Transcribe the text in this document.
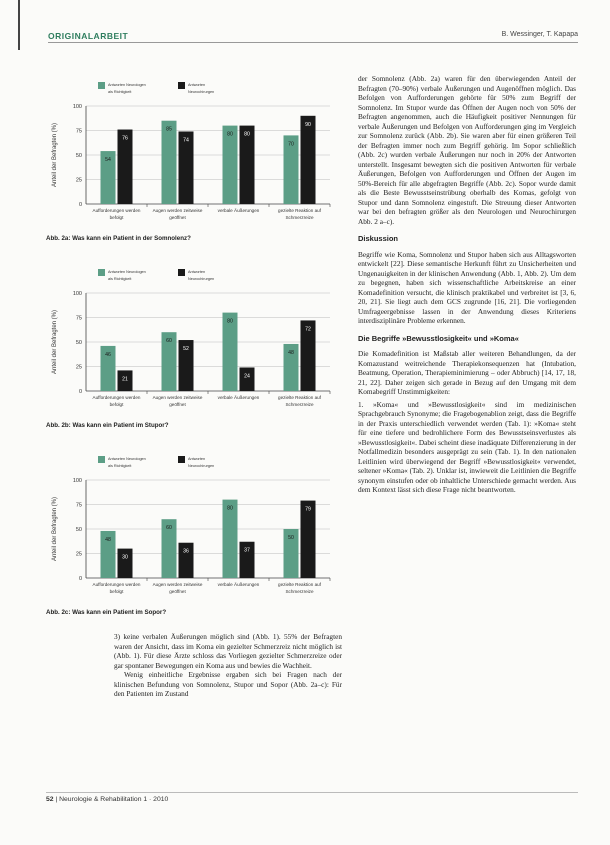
ORIGINALARBEIT	B. Wessinger, T. Kapapa
Antworten Neurologen als Richtigkeit
Antworten Neurochirurgen
Anteil der Befragten (%)
0
25
50
75
100
54
76
Aufforderungen werden befolgt
85
74
Augen werden zeitweise geöffnet
80 80
verbale Äußerungen
70
90
gezielte Reaktion auf Schmerzreize
Abb. 2a: Was kann ein Patient in der Somnolenz?
Antworten Neurologen als Richtigkeit
Antworten Neurochirurgen
Anteil der Befragten (%)
0
25
50
75
100
46
21
Aufforderungen werden befolgt
60
52
Augen werden zeitweise geöffnet
80
24
verbale Äußerungen
48
72
gezielte Reaktion auf Schmerzreize
Abb. 2b: Was kann ein Patient im Stupor?
Antworten Neurologen als Richtigkeit
Antworten Neurochirurgen
Anteil der Befragten (%)
0
25
50
75
100
48
30
Aufforderungen werden befolgt
60
36
Augen werden zeitweise geöffnet
80
37
verbale Äußerungen
50
79
gezielte Reaktion auf Schmerzreize
Abb. 2c: Was kann ein Patient im Sopor?

3) keine verbalen Äußerungen möglich sind (Abb. 1). 55% der Befragten waren der Ansicht, dass im Koma ein gezielter Schmerzreiz nicht möglich ist (Abb. 1). Für diese Ärzte schloss das Vorliegen gezielter Schmerzreize oder gar spontaner Bewegungen ein Koma aus und bewies die Wachheit.

Wenig einheitliche Ergebnisse ergaben sich bei Fragen nach der klinischen Befundung von Somnolenz, Stupor und Sopor (Abb. 2a–c): Für den Patienten im Zustand

der Somnolenz (Abb. 2a) waren für den überwiegenden Anteil der Befragten (70–90%) verbale Äußerungen und Augenöffnen möglich. Das Befolgen von Aufforderungen gehörte für 50% zum Begriff der Somnolenz. Im Stupor wurde das Öffnen der Augen noch von 50% der Befragten angenommen, auch die Häufigkeit positiver Nennungen für verbale Äußerungen und Befolgen von Aufforderungen ging im Vergleich zur Somnolenz zurück (Abb. 2b). Sie waren aber für einen größeren Teil der Befragten immer noch zum Begriff gehörig. Im Sopor schließlich (Abb. 2c) wurden verbale Äußerungen nur noch in 20% der Antworten unterstellt. Insgesamt bewegten sich die positiven Antworten für verbale Äußerungen, Befolgen von Aufforderungen und Öffnen der Augen im 50%-Bereich für alle abgefragten Begriffe (Abb. 2c). Sopor wurde damit als die Beste Bewusstseinstrübung oberhalb des Komas, gefolgt von Stupor und dann Somnolenz eingestuft. Die Streuung dieser Antworten war bei den befragten größer als den Neurologen und Neurochirurgen Abb. 2 a–c).

Diskussion

Begriffe wie Koma, Somnolenz und Stupor haben sich aus Alltagsworten entwickelt [22]. Diese semantische Herkunft führt zu Unsicherheiten und Ungenauigkeiten in der klinischen Anwendung (Abb. 1, Abb. 2). Um dem zu begegnen, haben sich wissenschaftliche Arbeitskreise an einer Komadefinition versucht, die klinisch praktikabel und verbreitet ist [3, 6, 20, 21]. Sie liegt auch dem GCS zugrunde [16, 21]. Die vorliegenden Umfrageergebnisse lassen in der Anwendung dieses Kriteriens interdisziplinäre Probleme erkennen.

Die Begriffe »Bewusstlosigkeit« und »Koma«

Die Komadefinition ist Maßstab aller weiteren Behandlungen, da der Komazustand weitreichende Therapiekonsequenzen hat (Intubation, Beatmung, Operation, Therapieminimierung – oder Abbruch) [14, 17, 18, 21, 22]. Daher zeigen sich gerade in Bezug auf den Umgang mit dem Komabegriff Unstimmigkeiten:

1. »Koma« und »Bewusstlosigkeit« sind im medizinischen Sprachgebrauch Synonyme; die Fragebogenablion zeigt, dass die Begriffe in der Praxis unterschiedlich verwendet werden (Tab. 1): »Koma« steht für eine tiefere und bedrohlichere Form des Bewusstseinsverlustes als »Bewusstlosigkeit«. Dabei scheint diese inadäquate Differenzierung in der Notfallmedizin besonders ausgeprägt zu sein (Tab. 1). In den nationalen Leitlinien wird überwiegend der Begriff »Bewusstlosigkeit« verwendet, seltener »Koma« (Tab. 2). Unklar ist, inwieweit die Leitlinien die Begriffe synonym einstufen oder ob inhaltliche Unterschiede gemacht werden. Aus dem Kontext lässt sich diese Frage nicht beantworten.

52 | Neurologie & Rehabilitation 1 · 2010
